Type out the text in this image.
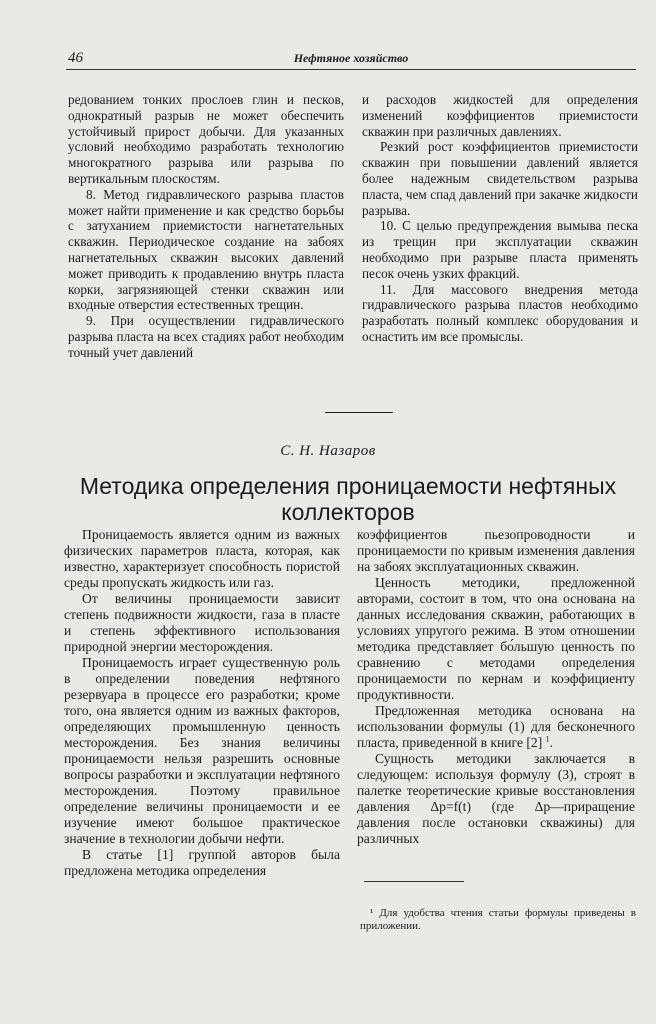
46	Нефтяное хозяйство

редованием тонких прослоев глин и песков, однократный разрыв не может обеспечить устойчивый прирост добычи. Для указанных условий необходимо разработать технологию многократного разрыва или разрыва по вертикальным плоскостям.

8. Метод гидравлического разрыва пластов может найти применение и как средство борьбы с затуханием приемистости нагнетательных скважин. Периодическое создание на забоях нагнетательных скважин высоких давлений может приводить к продавлению внутрь пласта корки, загрязняющей стенки скважин или входные отверстия естественных трещин.

9. При осуществлении гидравлического разрыва пласта на всех стадиях работ необходим точный учет давлений

и расходов жидкостей для определения изменений коэффициентов приемистости скважин при различных давлениях.

Резкий рост коэффициентов приемистости скважин при повышении давлений является более надежным свидетельством разрыва пласта, чем спад давлений при закачке жидкости разрыва.

10. С целью предупреждения вымыва песка из трещин при эксплуатации скважин необходимо при разрыве пласта применять песок очень узких фракций.

11. Для массового внедрения метода гидравлического разрыва пластов необходимо разработать полный комплекс оборудования и оснастить им все промыслы.

С. Н. Назаров
Методика определения проницаемости нефтяных коллекторов

Проницаемость является одним из важных физических параметров пласта, которая, как известно, характеризует способность пористой среды пропускать жидкость или газ.

От величины проницаемости зависит степень подвижности жидкости, газа в пласте и степень эффективного использования природной энергии месторождения.

Проницаемость играет существенную роль в определении поведения нефтяного резервуара в процессе его разработки; кроме того, она является одним из важных факторов, определяющих промышленную ценность месторождения. Без знания величины проницаемости нельзя разрешить основные вопросы разработки и эксплуатации нефтяного месторождения. Поэтому правильное определение величины проницаемости и ее изучение имеют большое практическое значение в технологии добычи нефти.

В статье [1] группой авторов была предложена методика определения

коэффициентов пьезопроводности и проницаемости по кривым изменения давления на забоях эксплуатационных скважин.

Ценность методики, предложенной авторами, состоит в том, что она основана на данных исследования скважин, работающих в условиях упругого режима. В этом отношении методика представляет бо́льшую ценность по сравнению с методами определения проницаемости по кернам и коэффициенту продуктивности.

Предложенная методика основана на использовании формулы (1) для бесконечного пласта, приведенной в книге [2] $^1$.

Сущность методики заключается в следующем: используя формулу (3), строят в палетке теоретические кривые восстановления давления Δp=f(t) (где Δp—приращение давления после остановки скважины) для различных

¹ Для удобства чтения статьи формулы приведены в приложении.
